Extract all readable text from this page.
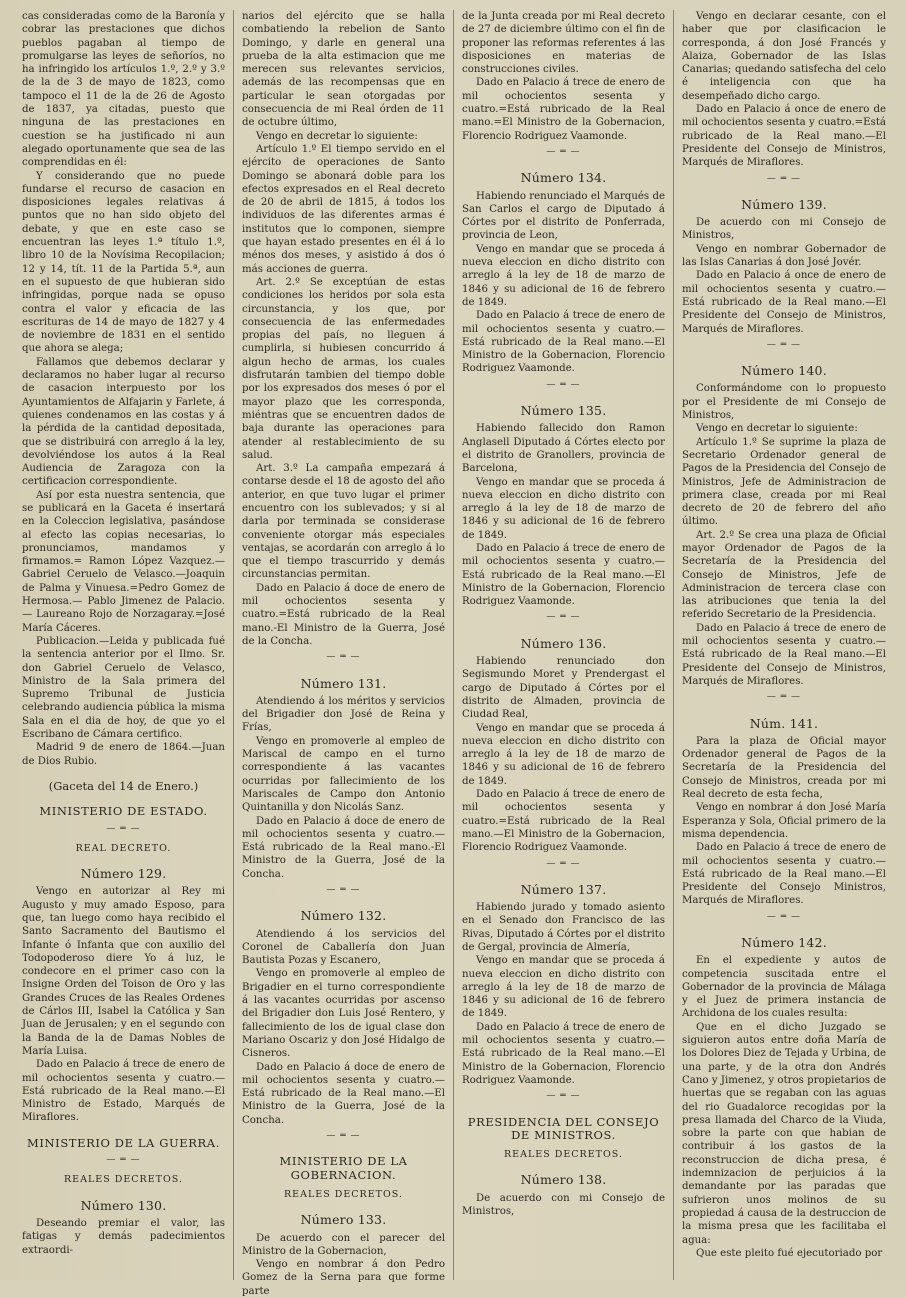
cas consideradas como de la Baronía y cobrar las prestaciones que dichos pueblos pagaban al tiempo de promulgarse las leyes de señoríos, no ha infringido los artículos 1.º, 2.º y 3.º de la de 3 de mayo de 1823, como tampoco el 11 de la de 26 de Agosto de 1837, ya citadas, puesto que ninguna de las prestaciones en cuestion se ha justificado ni aun alegado oportunamente que sea de las comprendidas en él:

Y considerando que no puede fundarse el recurso de casacion en disposiciones legales relativas á puntos que no han sido objeto del debate, y que en este caso se encuentran las leyes 1.ª título 1.º, libro 10 de la Novísima Recopilacion; 12 y 14, tít. 11 de la Partida 5.ª, aun en el supuesto de que hubieran sido infringidas, porque nada se opuso contra el valor y eficacia de las escrituras de 14 de mayo de 1827 y 4 de noviembre de 1831 en el sentido que ahora se alega;

Fallamos que debemos declarar y declaramos no haber lugar al recurso de casacion interpuesto por los Ayuntamientos de Alfajarin y Farlete, á quienes condenamos en las costas y á la pérdida de la cantidad depositada, que se distribuirá con arreglo á la ley, devolviéndose los autos á la Real Audiencia de Zaragoza con la certificacion correspondiente.

Así por esta nuestra sentencia, que se publicará en la Gaceta é insertará en la Coleccion legislativa, pasándose al efecto las copias necesarias, lo pronunciamos, mandamos y firmamos.= Ramon López Vazquez.—Gabriel Ceruelo de Velasco.—Joaquin de Palma y Vinuesa.=Pedro Gomez de Hermosa.— Pablo Jimenez de Palacio.— Laureano Rojo de Norzagaray.=José María Cáceres.

Publicacion.—Leida y publicada fué la sentencia anterior por el Ilmo. Sr. don Gabriel Ceruelo de Velasco, Ministro de la Sala primera del Supremo Tribunal de Justicia celebrando audiencia pública la misma Sala en el dia de hoy, de que yo el Escribano de Cámara certifico.

Madrid 9 de enero de 1864.—Juan de Dios Rubio.

(Gaceta del 14 de Enero.)
MINISTERIO DE ESTADO.
— ═ —
REAL DECRETO.
Número 129.

Vengo en autorizar al Rey mi Augusto y muy amado Esposo, para que, tan luego como haya recibido el Santo Sacramento del Bautismo el Infante ó Infanta que con auxilio del Todopoderoso diere Yo á luz, le condecore en el primer caso con la Insigne Orden del Toison de Oro y las Grandes Cruces de las Reales Ordenes de Cárlos III, Isabel la Católica y San Juan de Jerusalen; y en el segundo con la Banda de la de Damas Nobles de María Luisa.

Dado en Palacio á trece de enero de mil ochocientos sesenta y cuatro.—Está rubricado de la Real mano.—El Ministro de Estado, Marqués de Miraflores.

MINISTERIO DE LA GUERRA.
— ═ —
REALES DECRETOS.
Número 130.

Deseando premiar el valor, las fatigas y demás padecimientos extraordi-

narios del ejército que se halla combatiendo la rebelion de Santo Domingo, y darle en general una prueba de la alta estimacion que me merecen sus relevantes servicios, además de las recompensas que en particular le sean otorgadas por consecuencia de mi Real órden de 11 de octubre último,

Vengo en decretar lo siguiente:

Artículo 1.º El tiempo servido en el ejército de operaciones de Santo Domingo se abonará doble para los efectos expresados en el Real decreto de 20 de abril de 1815, á todos los individuos de las diferentes armas é institutos que lo componen, siempre que hayan estado presentes en él á lo ménos dos meses, y asistido á dos ó más acciones de guerra.

Art. 2.º Se exceptúan de estas condiciones los heridos por sola esta circunstancia, y los que, por consecuencia de las enfermedades propias del país, no lleguen á cumplirla, si hubiesen concurrido á algun hecho de armas, los cuales disfrutarán tambien del tiempo doble por los expresados dos meses ó por el mayor plazo que les corresponda, miéntras que se encuentren dados de baja durante las operaciones para atender al restablecimiento de su salud.

Art. 3.º La campaña empezará á contarse desde el 18 de agosto del año anterior, en que tuvo lugar el primer encuentro con los sublevados; y si al darla por terminada se considerase conveniente otorgar más especiales ventajas, se acordarán con arreglo á lo que el tiempo trascurrido y demás circunstancias permitan.

Dado en Palacio á doce de enero de mil ochocientos sesenta y cuatro.=Está rubricado de la Real mano.-El Ministro de la Guerra, José de la Concha.

— ═ —
Número 131.

Atendiendo á los méritos y servicios del Brigadier don José de Reina y Frías,

Vengo en promoverle al empleo de Mariscal de campo en el turno correspondiente á las vacantes ocurridas por fallecimiento de los Mariscales de Campo don Antonio Quintanilla y don Nicolás Sanz.

Dado en Palacio á doce de enero de mil ochocientos sesenta y cuatro.—Está rubricado de la Real mano.-El Ministro de la Guerra, José de la Concha.

— ═ —
Número 132.

Atendiendo á los servicios del Coronel de Caballería don Juan Bautista Pozas y Escanero,

Vengo en promoverle al empleo de Brigadier en el turno correspondiente á las vacantes ocurridas por ascenso del Brigadier don Luis José Rentero, y fallecimiento de los de igual clase don Mariano Oscariz y don José Hidalgo de Cisneros.

Dado en Palacio á doce de enero de mil ochocientos sesenta y cuatro.—Está rubricado de la Real mano.—El Ministro de la Guerra, José de la Concha.

— ═ —
MINISTERIO DE LA GOBERNACION.
REALES DECRETOS.
Número 133.

De acuerdo con el parecer del Ministro de la Gobernacion,

Vengo en nombrar á don Pedro Gomez de la Serna para que forme parte

de la Junta creada por mi Real decreto de 27 de diciembre último con el fin de proponer las reformas referentes á las disposiciones en materias de construcciones civiles.

Dado en Palacio á trece de enero de mil ochocientos sesenta y cuatro.=Está rubricado de la Real mano.=El Ministro de la Gobernacion, Florencio Rodriguez Vaamonde.

— ═ —
Número 134.

Habiendo renunciado el Marqués de San Carlos el cargo de Diputado á Córtes por el distrito de Ponferrada, provincia de Leon,

Vengo en mandar que se proceda á nueva eleccion en dicho distrito con arreglo á la ley de 18 de marzo de 1846 y su adicional de 16 de febrero de 1849.

Dado en Palacio á trece de enero de mil ochocientos sesenta y cuatro.—Está rubricado de la Real mano.—El Ministro de la Gobernacion, Florencio Rodriguez Vaamonde.

— ═ —
Número 135.

Habiendo fallecido don Ramon Anglasell Diputado á Córtes electo por el distrito de Granollers, provincia de Barcelona,

Vengo en mandar que se proceda á nueva eleccion en dicho distrito con arreglo á la ley de 18 de marzo de 1846 y su adicional de 16 de febrero de 1849.

Dado en Palacio á trece de enero de mil ochocientos sesenta y cuatro.—Está rubricado de la Real mano.—El Ministro de la Gobernacion, Florencio Rodriguez Vaamonde.

— ═ —
Número 136.

Habiendo renunciado don Segismundo Moret y Prendergast el cargo de Diputado á Córtes por el distrito de Almaden, provincia de Ciudad Real,

Vengo en mandar que se proceda á nueva eleccion en dicho distrito con arreglo á la ley de 18 de marzo de 1846 y su adicional de 16 de febrero de 1849.

Dado en Palacio á trece de enero de mil ochocientos sesenta y cuatro.=Está rubricado de la Real mano.—El Ministro de la Gobernacion, Florencio Rodriguez Vaamonde.

— ═ —
Número 137.

Habiendo jurado y tomado asiento en el Senado don Francisco de las Rivas, Diputado á Córtes por el distrito de Gergal, provincia de Almería,

Vengo en mandar que se proceda á nueva eleccion en dicho distrito con arreglo á la ley de 18 de marzo de 1846 y su adicional de 16 de febrero de 1849.

Dado en Palacio á trece de enero de mil ochocientos sesenta y cuatro.—Está rubricado de la Real mano.—El Ministro de la Gobernacion, Florencio Rodriguez Vaamonde.

— ═ —
PRESIDENCIA DEL CONSEJO DE MINISTROS.
REALES DECRETOS.
Número 138.

De acuerdo con mi Consejo de Ministros,

Vengo en declarar cesante, con el haber que por clasificacion le corresponda, á don José Francés y Alaiza, Gobernador de las Islas Canarias; quedando satisfecha del celo é inteligencia con que ha desempeñado dicho cargo.

Dado en Palacio á once de enero de mil ochocientos sesenta y cuatro.=Está rubricado de la Real mano.—El Presidente del Consejo de Ministros, Marqués de Miraflores.

— ═ —
Número 139.

De acuerdo con mi Consejo de Ministros,

Vengo en nombrar Gobernador de las Islas Canarias á don José Jovér.

Dado en Palacio á once de enero de mil ochocientos sesenta y cuatro.—Está rubricado de la Real mano.—El Presidente del Consejo de Ministros, Marqués de Miraflores.

— ═ —
Número 140.

Conformándome con lo propuesto por el Presidente de mi Consejo de Ministros,

Vengo en decretar lo siguiente:

Artículo 1.º Se suprime la plaza de Secretario Ordenador general de Pagos de la Presidencia del Consejo de Ministros, Jefe de Administracion de primera clase, creada por mi Real decreto de 20 de febrero del año último.

Art. 2.º Se crea una plaza de Oficial mayor Ordenador de Pagos de la Secretaría de la Presidencia del Consejo de Ministros, Jefe de Administracion de tercera clase con las atribuciones que tenia la del referido Secretario de la Presidencia.

Dado en Palacio á trece de enero de mil ochocientos sesenta y cuatro.—Está rubricado de la Real mano.—El Presidente del Consejo de Ministros, Marqués de Miraflores.

— ═ —
Núm. 141.

Para la plaza de Oficial mayor Ordenador general de Pagos de la Secretaría de la Presidencia del Consejo de Ministros, creada por mi Real decreto de esta fecha,

Vengo en nombrar á don José María Esperanza y Sola, Oficial primero de la misma dependencia.

Dado en Palacio á trece de enero de mil ochocientos sesenta y cuatro.—Está rubricado de la Real mano.—El Presidente del Consejo Ministros, Marqués de Miraflores.

— ═ —
Número 142.

En el expediente y autos de competencia suscitada entre el Gobernador de la provincia de Málaga y el Juez de primera instancia de Archidona de los cuales resulta:

Que en el dicho Juzgado se siguieron autos entre doña María de los Dolores Diez de Tejada y Urbina, de una parte, y de la otra don Andrés Cano y Jimenez, y otros propietarios de huertas que se regaban con las aguas del rio Guadalorce recogidas por la presa llamada del Charco de la Viuda, sobre la parte con que habian de contribuir á los gastos de la reconstruccion de dicha presa, é indemnizacion de perjuicios á la demandante por las paradas que sufrieron unos molinos de su propiedad á causa de la destruccion de la misma presa que les facilitaba el agua:

Que este pleito fué ejecutoriado por
